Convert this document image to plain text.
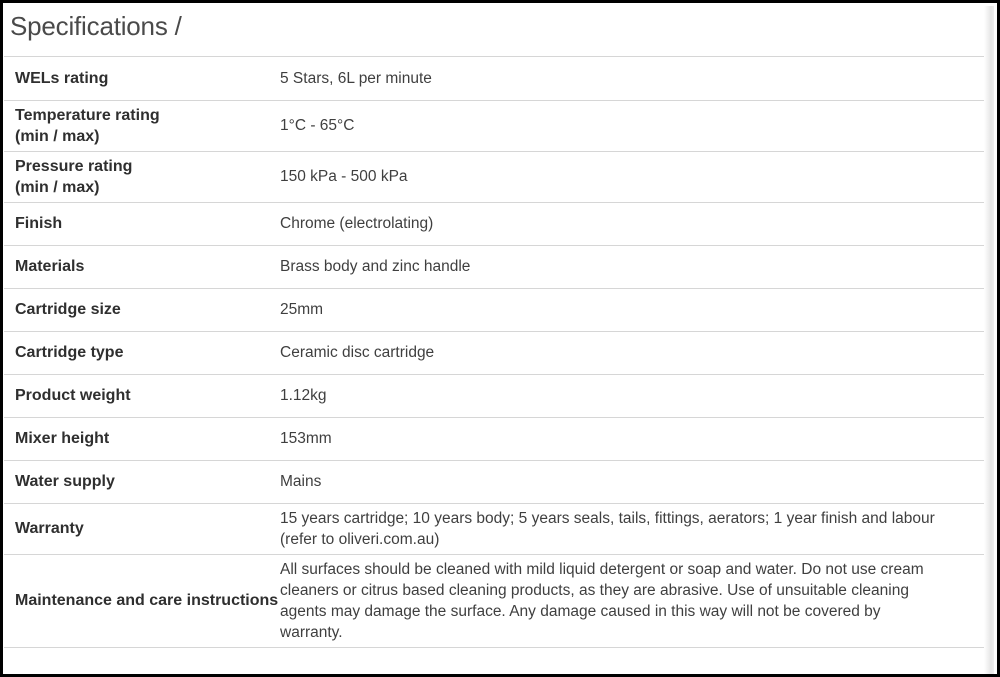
Specifications /
WELs rating	5 Stars, 6L per minute
Temperature rating
(min / max)	1°C - 65°C
Pressure rating
(min / max)	150 kPa - 500 kPa
Finish	Chrome (electrolating)
Materials	Brass body and zinc handle
Cartridge size	25mm
Cartridge type	Ceramic disc cartridge
Product weight	1.12kg
Mixer height	153mm
Water supply	Mains
Warranty	15 years cartridge; 10 years body; 5 years seals, tails, fittings, aerators; 1 year finish and labour (refer to oliveri.com.au)
Maintenance and care instructions	All surfaces should be cleaned with mild liquid detergent or soap and water. Do not use cream cleaners or citrus based cleaning products, as they are abrasive. Use of unsuitable cleaning agents may damage the surface. Any damage caused in this way will not be covered by warranty.
